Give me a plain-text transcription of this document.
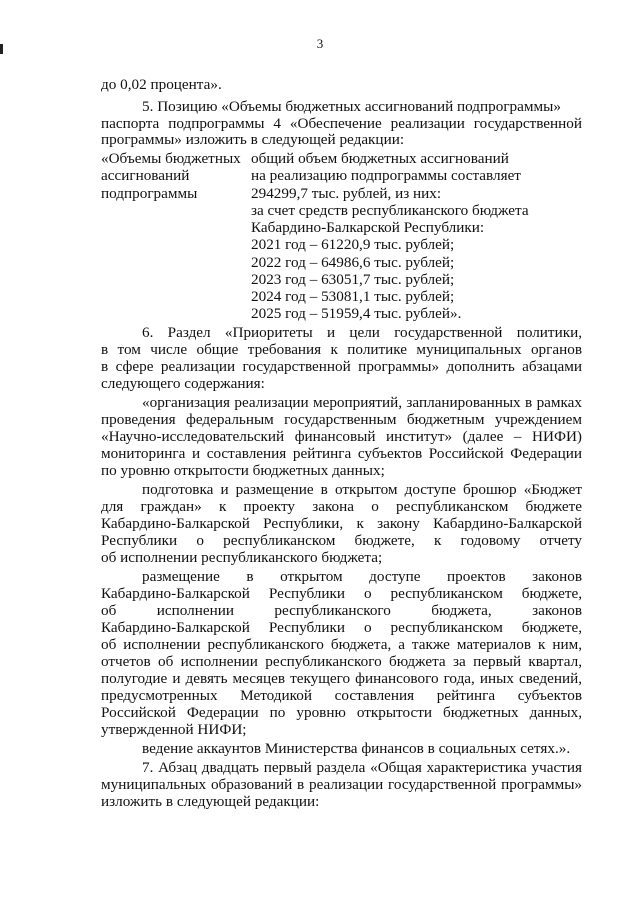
3
до 0,02 процента».
5. Позицию «Объемы бюджетных ассигнований подпрограммы»
паспорта подпрограммы 4 «Обеспечение реализации государственной
программы» изложить в следующей редакции:
«Объемы бюджетных
ассигнований
подпрограммы
общий объем бюджетных ассигнований
на реализацию подпрограммы составляет
294299,7 тыс. рублей, из них:
за счет средств республиканского бюджета
Кабардино-Балкарской Республики:
2021 год – 61220,9 тыс. рублей;
2022 год – 64986,6 тыс. рублей;
2023 год – 63051,7 тыс. рублей;
2024 год – 53081,1 тыс. рублей;
2025 год – 51959,4 тыс. рублей».
6. Раздел «Приоритеты и цели государственной политики,
в том числе общие требования к политике муниципальных органов
в сфере реализации государственной программы» дополнить абзацами
следующего содержания:
«организация реализации мероприятий, запланированных в рамках
проведения федеральным государственным бюджетным учреждением
«Научно-исследовательский финансовый институт» (далее – НИФИ)
мониторинга и составления рейтинга субъектов Российской Федерации
по уровню открытости бюджетных данных;
подготовка и размещение в открытом доступе брошюр «Бюджет
для граждан» к проекту закона о республиканском бюджете
Кабардино-Балкарской Республики, к закону Кабардино-Балкарской
Республики о республиканском бюджете, к годовому отчету
об исполнении республиканского бюджета;
размещение в открытом доступе проектов законов
Кабардино-Балкарской Республики о республиканском бюджете,
об исполнении республиканского бюджета, законов
Кабардино-Балкарской Республики о республиканском бюджете,
об исполнении республиканского бюджета, а также материалов к ним,
отчетов об исполнении республиканского бюджета за первый квартал,
полугодие и девять месяцев текущего финансового года, иных сведений,
предусмотренных Методикой составления рейтинга субъектов
Российской Федерации по уровню открытости бюджетных данных,
утвержденной НИФИ;
ведение аккаунтов Министерства финансов в социальных сетях.».
7. Абзац двадцать первый раздела «Общая характеристика участия
муниципальных образований в реализации государственной программы»
изложить в следующей редакции:
